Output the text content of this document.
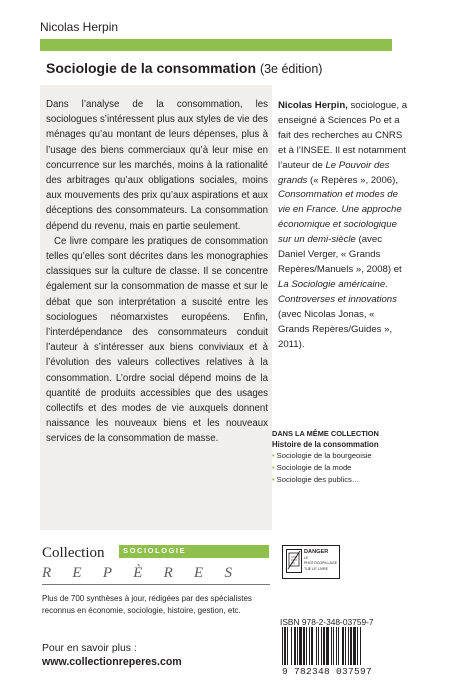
Nicolas Herpin
Sociologie de la consommation (3e édition)

Dans l’analyse de la consommation, les sociologues s’intéressent plus aux styles de vie des ménages qu’au montant de leurs dépenses, plus à l’usage des biens commerciaux qu’à leur mise en concurrence sur les marchés, moins à la rationalité des arbitrages qu’aux obligations sociales, moins aux mouvements des prix qu’aux aspirations et aux déceptions des consommateurs. La consommation dépend du revenu, mais en partie seulement.

Ce livre compare les pratiques de consommation telles qu’elles sont décrites dans les monographies classiques sur la culture de classe. Il se concentre également sur la consommation de masse et sur le débat que son interprétation a suscité entre les sociologues néomarxistes européens. Enfin, l’interdépendance des consommateurs conduit l’auteur à s’intéresser aux biens conviviaux et à l’évolution des valeurs collectives relatives à la consommation. L’ordre social dépend moins de la quantité de produits accessibles que des usages collectifs et des modes de vie auxquels donnent naissance les nouveaux biens et les nouveaux services de la consommation de masse.

Nicolas Herpin, sociologue, a enseigné à Sciences Po et a fait des recherches au CNRS et à l’INSEE. Il est notamment l’auteur de Le Pouvoir des grands (« Repères », 2006), Consommation et modes de vie en France. Une approche économique et sociologique sur un demi-siècle (avec Daniel Verger, « Grands Repères/Manuels », 2008) et La Sociologie américaine. Controverses et innovations (avec Nicolas Jonas, « Grands Repères/Guides », 2011).
DANS LA MÊME COLLECTION
Histoire de la consommation
• Sociologie de la bourgeoisie
• Sociologie de la mode
• Sociologie des publics…
Collection	SOCIOLOGIE
R E P È R E S
Plus de 700 synthèses à jour, rédigées par des spécialistes reconnus en économie, sociologie, histoire, gestion, etc.
Pour en savoir plus :
www.collectionreperes.com
DANGER
LE
PHOTOCOPILLAGE
TUE LE LIVRE
ISBN 978-2-348-03759-7
9 782348 037597
